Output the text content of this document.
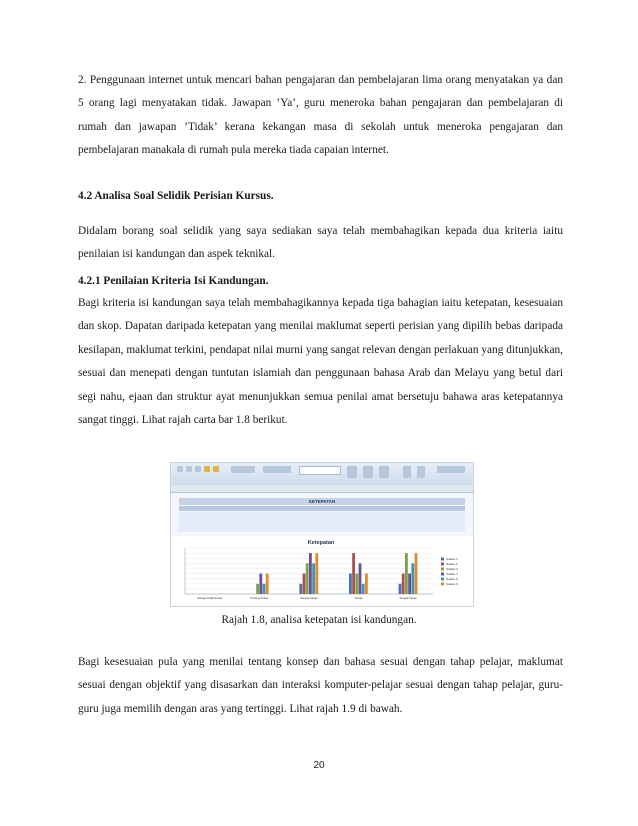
2. Penggunaan internet untuk mencari bahan pengajaran dan pembelajaran lima orang menyatakan ya dan 5 orang lagi menyatakan tidak. Jawapan ’Ya’, guru meneroka bahan pengajaran dan pembelajaran di rumah dan jawapan ’Tidak’ kerana kekangan masa di sekolah untuk meneroka pengajaran dan pembelajaran manakala di rumah pula mereka tiada capaian internet.

4.2 Analisa Soal Selidik Perisian Kursus.

Didalam borang soal selidik yang saya sediakan saya telah membahagikan kepada dua kriteria iaitu penilaian isi kandungan dan aspek teknikal.

4.2.1 Penilaian Kriteria Isi Kandungan.

Bagi kriteria isi kandungan saya telah membahagikannya kepada tiga bahagian iaitu ketepatan, kesesuaian dan skop. Dapatan daripada ketepatan yang menilai maklumat seperti perisian yang dipilih bebas daripada kesilapan, maklumat terkini, pendapat nilai murni yang sangat relevan dengan perlakuan yang ditunjukkan, sesuai dan menepati dengan tuntutan islamiah dan penggunaan bahasa Arab dan Melayu yang betul dari segi nahu, ejaan dan struktur ayat menunjukkan semua penilai amat bersetuju bahawa aras ketepatannya sangat tinggi. Lihat rajah carta bar 1.8 berikut.

KETEPATAN
Ketepatan
Sangat Tidak Setuju	Kurang Setuju	Sangat Setuju	Setuju	Sangat Setuju
Soalan 1
Soalan 2
Soalan 3
Soalan 4
Soalan 5
Soalan 6
Rajah 1.8, analisa ketepatan isi kandungan.

Bagi kesesuaian pula yang menilai tentang konsep dan bahasa sesuai dengan tahap pelajar, maklumat sesuai dengan objektif yang disasarkan dan interaksi komputer-pelajar sesuai dengan tahap pelajar, guru-guru juga memilih dengan aras yang tertinggi. Lihat rajah 1.9 di bawah.

20
